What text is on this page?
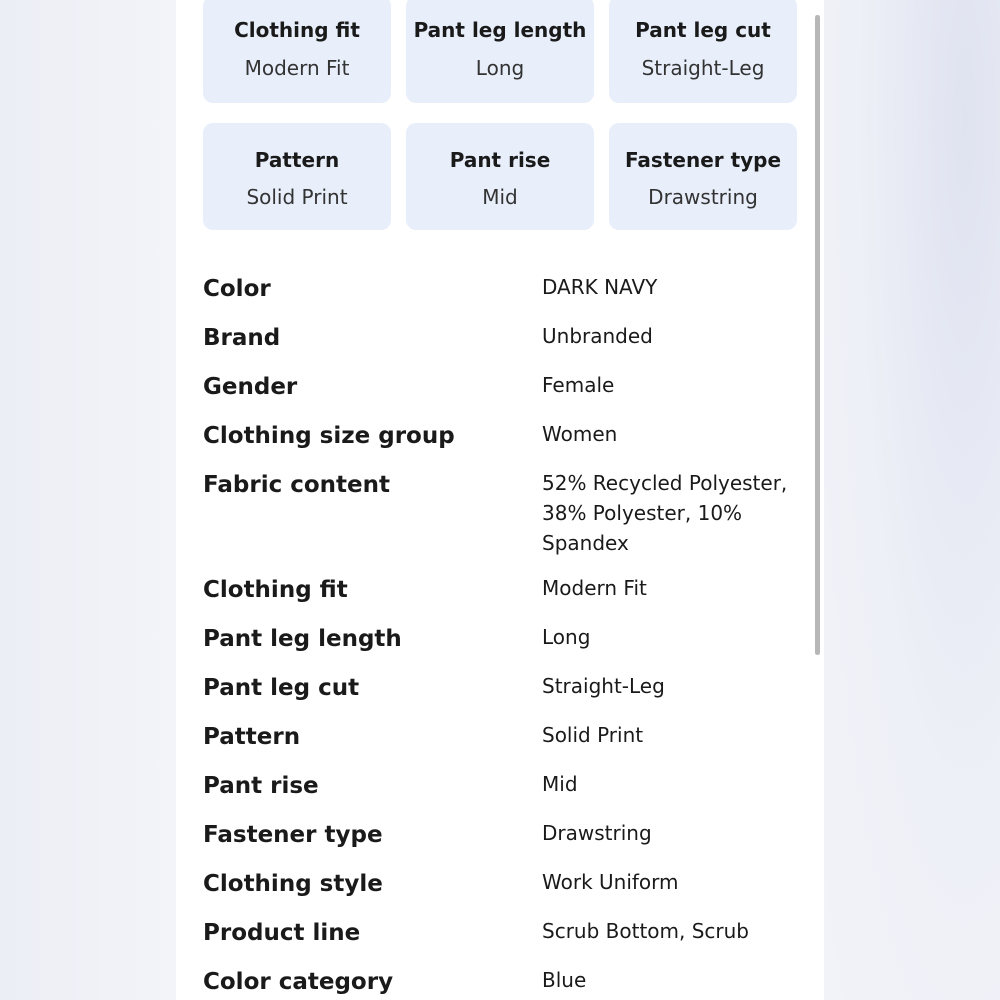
Clothing fit
Modern Fit
Pant leg length
Long
Pant leg cut
Straight-Leg
Pattern
Solid Print
Pant rise
Mid
Fastener type
Drawstring
Color	DARK NAVY
Brand	Unbranded
Gender	Female
Clothing size group	Women
Fabric content	52% Recycled Polyester, 38% Polyester, 10% Spandex
Clothing fit	Modern Fit
Pant leg length	Long
Pant leg cut	Straight-Leg
Pattern	Solid Print
Pant rise	Mid
Fastener type	Drawstring
Clothing style	Work Uniform
Product line	Scrub Bottom, Scrub
Color category	Blue
